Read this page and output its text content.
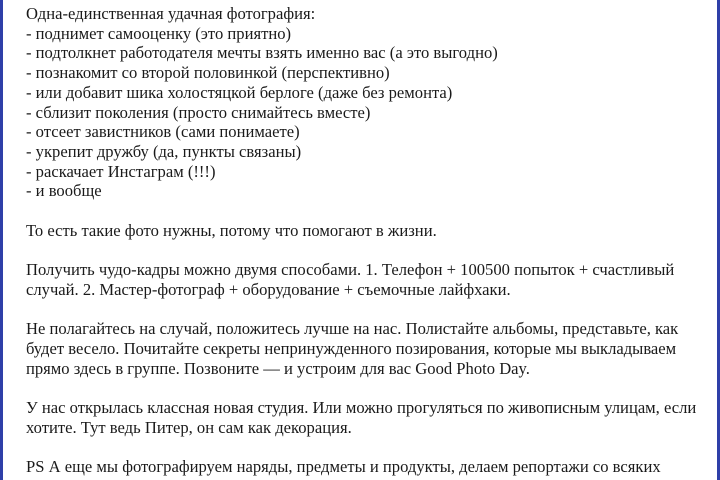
Одна-единственная удачная фотография:
- поднимет самооценку (это приятно)
- подтолкнет работодателя мечты взять именно вас (а это выгодно)
- познакомит со второй половинкой (перспективно)
- или добавит шика холостяцкой берлоге (даже без ремонта)
- сблизит поколения (просто снимайтесь вместе)
- отсеет завистников (сами понимаете)
- укрепит дружбу (да, пункты связаны)
- раскачает Инстаграм (!!!)
- и вообще

То есть такие фото нужны, потому что помогают в жизни.

Получить чудо-кадры можно двумя способами. 1. Телефон + 100500 попыток + счастливый случай. 2. Мастер-фотограф + оборудование + съемочные лайфхаки.

Не полагайтесь на случай, положитесь лучше на нас. Полистайте альбомы, представьте, как будет весело. Почитайте секреты непринужденного позирования, которые мы выкладываем прямо здесь в группе. Позвоните — и устроим для вас Good Photo Day.

У нас открылась классная новая студия. Или можно прогуляться по живописным улицам, если хотите. Тут ведь Питер, он сам как декорация.

PS А еще мы фотографируем наряды, предметы и продукты, делаем репортажи со всяких
